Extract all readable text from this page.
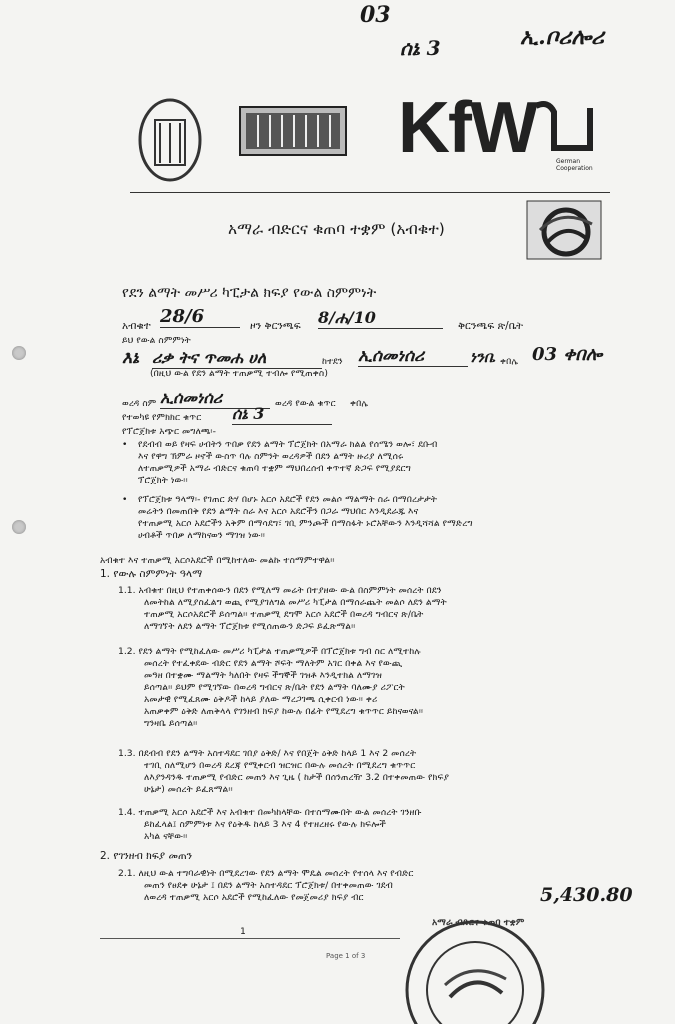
03
ሰኔ 3	ኢ.ቦሪሎሪ
KfW	German Cooperation
አማራ ብድርና ቁጠባ ተቋም (አብቁተ)
የደን ልማት መሥሪ ካፒታል ክፍያ የውል ስምምነት
አብቁተ 28/6	ዞን ቅርንጫፍ 8/ሐ/10	ቅርንጫፍ ጽ/ቤት
ይህ የውል ስምምነት
እኔ ሪቃ ትና ጥመሐ ሀለ	ከተደን ኢሰመነሰሪ	ነንቤ ቀበሌ 03 ቀበሎ
(በዚህ ውል የደን ልማት ተጠቃሚ ተብሎ የሚጠቀስ)
ወረዳ ስም ኢሰመነሰሪ	ወረዳ የውል ቁጥር ቀበሌ
የተወካዩ የምክክር ቁጥር ሰኔ 3
የፕሮጀክቱ አጭር መግለጫ፡-
• የደብብ ወይ የዛፍ ሀብትን ጥበቃ የደን ልማት ፕሮጀክት በአማራ ክልል የሰሜን ወሎ፣ ደቡብ
እና የዋግ ኽምራ ዞኖች ውስጥ ባሉ ስምንት ወረዳዎች በደን ልማት ዙሪያ ለሚሰሩ
ለተጠቃሚዎች አማራ ብድርና ቁጠባ ተቋም ማህበረሰብ ቀጥተኛ ድጋፍ የሚያደርግ
ፕሮጀክት ነው፡፡
• የፕሮጀክቱ ዓላማ፡- የገጠር ድሃ በሆኑ አርሶ አደሮች የደን መልሶ ማልማት ስራ በማበረታታት
መሬትን በመጠበቅ የደን ልማት ስራ እና አርሶ አደሮችን በጋራ ማህበር እንዲደራጁ እና
የተጠቃሚ አርሶ አደሮችን አቅም በማሳደግ፣ ገቢ ምንጮች በማስፋት ኑሮአቸውን እንዲሻሻል የማድረግ
ሀብቶች ጥበቃ ለማከናወን ማገዝ ነው፡፡
አብቁተ እና ተጠቃሚ አርሶአደሮች በሚከተለው መልኩ ተስማምተዋል፡፡
1. የውሉ ስምምነት ዓላማ
1.1. አብቁተ በዚህ የተጠቀሰውን በደን የሚለማ መሬት በተያዘው ውል በስምምነት መሰረት በደን
ለመትከል ለሚያስፈልግ ወጪ የሚያገለግል መሥሪ ካፒታል በማሰራጨት መልሶ ለደን ልማት
ተጠቃሚ አርሶአደሮች ይሰጣል፡፡ ተጠቃሚ ደግሞ አርሶ አደሮች በወረዳ ግብርና ጽ/ቤት
ለማገኘት ለደን ልማት ፕሮጀክቱ የሚሰጠውን ድጋፍ ይፈጽማል፡፡
1.2. የደን ልማት የሚከፈለው መሥሪ ካፒታል ተጠቃሚዎች በፕሮጀክቱ ግብ ስር ለሚተከሉ
መሰረት የተፈቀደው ብድር የደን ልማት ሾፍት ማለትም አገር በቀል እና የውጪ
መዓዘ በተቋሙ ማልማት ካለበት የዛፍ ችግኞች ገዝቶ እንዲተክል ለማገዝ
ይሰጣል፡፡ ይህም የሚገኘው በወረዳ ግብርና ጽ/ቤት የደን ልማት ባለሙያ ሪፖርት
አመታዊ የሚፈጸሙ ዕቅዶች ከላይ ያለው ማረጋገጫ ሲቀርብ ነው፡፡ ቀሪ
አጠቃቀም ዕቅድ ለጠቅላላ የገንዘብ ክፍያ ከውሉ በፊት የሚደረግ ቁጥጥር ይከናወናል፡፡
ግንዛቤ ይሰጣል፡፡
1.3. በደብብ የደን ልማት አስተዳደር ገበያ ዕቅድ/ እና የበጀት ዕቅድ ከላይ 1 እና 2 መሰረት
ተገቢ ስለሚሆን በወረዳ ደረጃ የሚቀርብ ዝርዝር በውሉ መሰረት በሚደረግ ቁጥጥር
ለእያንዳንዱ ተጠቃሚ የብድር መጠን እና ጊዜ ( ከታች በሰንጠረዥ 3.2 በተቀመጠው የክፍያ
ሁኔታ) መሰረት ይፈጸማል፡፡
1.4. ተጠቃሚ አርሶ አደሮች እና አብቁተ በመካከላቸው በተስማሙበት ውል መሰረት ገንዘቡ
ይከፈላል፤ ስምምነቱ እና የዕቅዱ ከላይ 3 እና 4 የተዘረዘሩ የውሉ ክፍሎች
አካል ናቸው፡፡
2. የገንዘብ ክፍያ መጠን
2.1. ለዚህ ውል ተግባራዊነት በሚደረገው የደን ልማት ሞዴል መሰረት የተሰላ እና የብድር
መጠን የፀደቀ ሁኔታ ፤ በደን ልማት አስተዳደር ፕሮጀክቱ/ በተቀመጠው ገደብ
ለወረዳ ተጠቃሚ አርሶ አደሮች የሚከፈለው የመጀመሪያ ክፍያ ብር	5,430.80
1
Page 1 of 3
አማራ ብድርና ቁጠባ ተቋም
